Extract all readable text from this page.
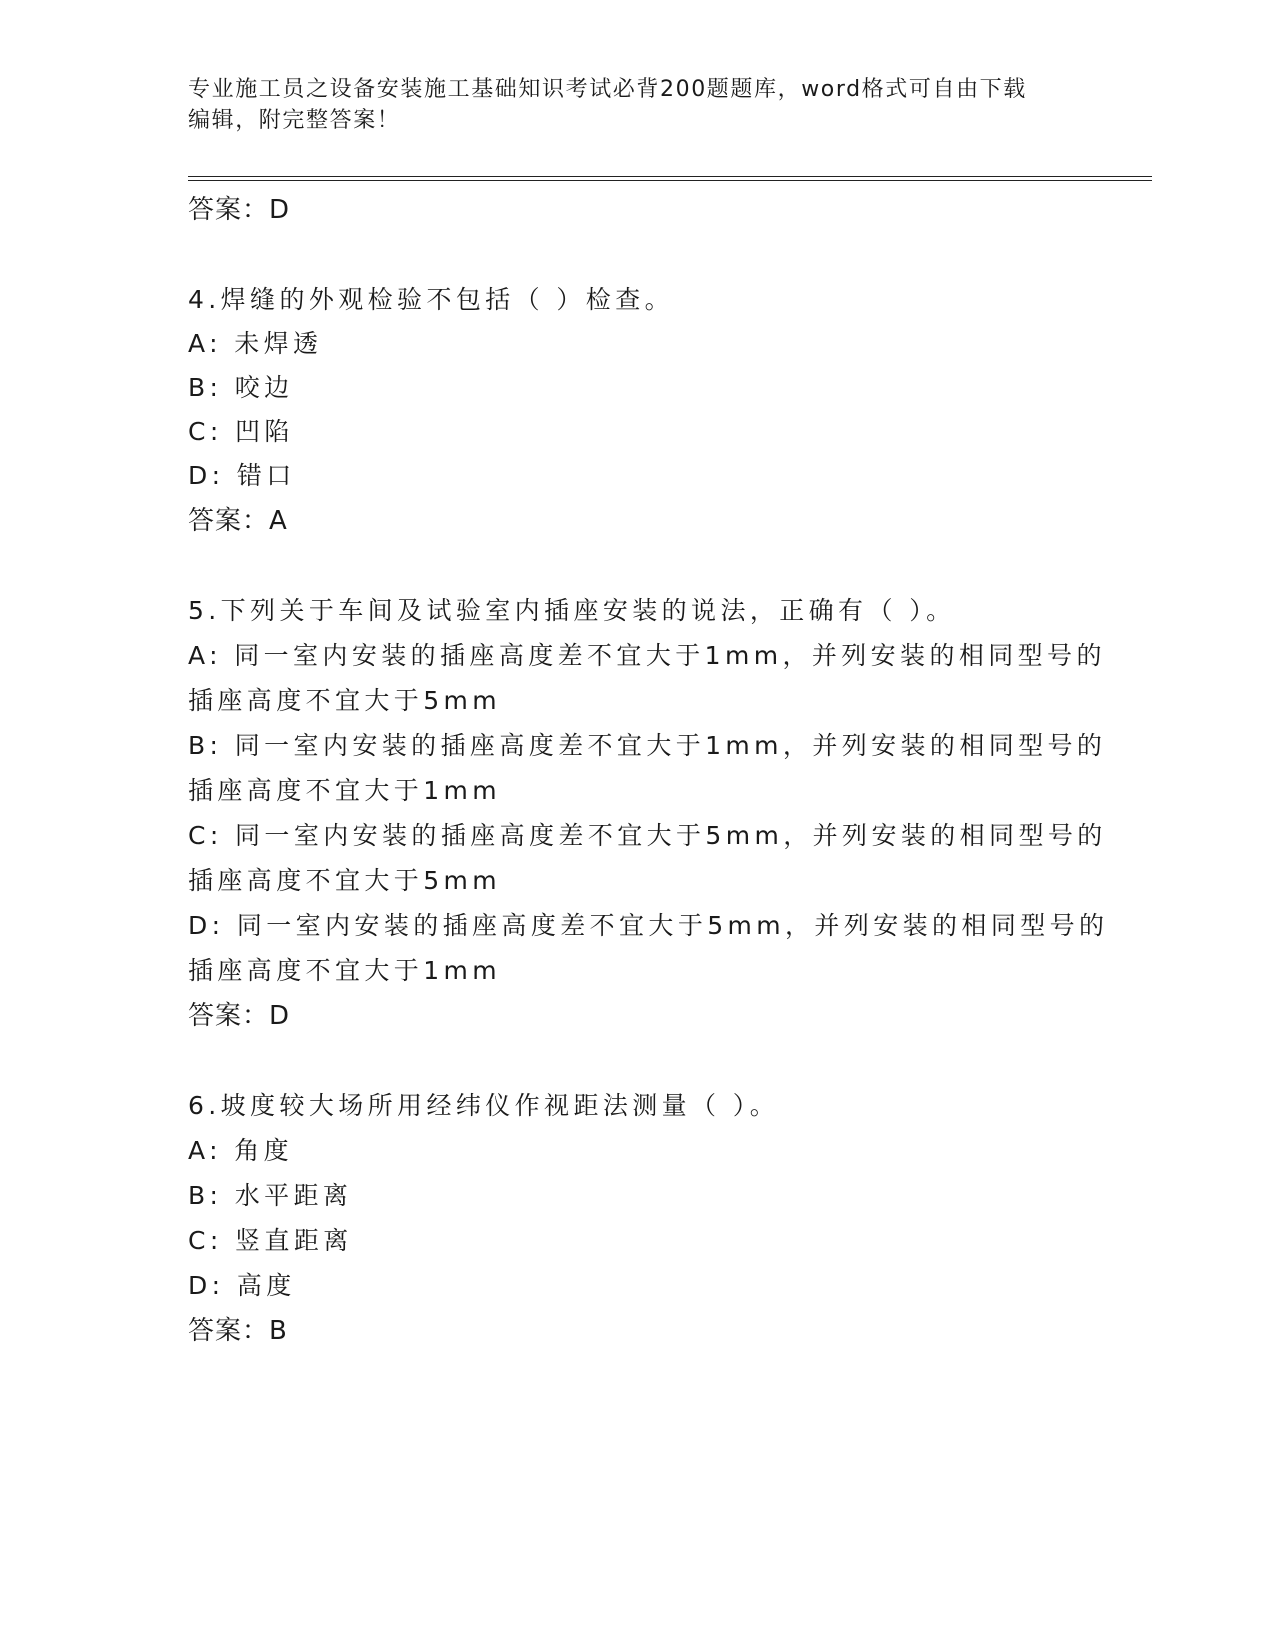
专业施工员之设备安装施工基础知识考试必背200题题库，word格式可自由下载
编辑，附完整答案！
答案：D
4.焊缝的外观检验不包括（ ）检查。
A: 未焊透
B: 咬边
C: 凹陷
D: 错口
答案：A
5.下列关于车间及试验室内插座安装的说法，正确有（ ）。
A: 同一室内安装的插座高度差不宜大于1mm，并列安装的相同型号的
插座高度不宜大于5mm
B: 同一室内安装的插座高度差不宜大于1mm，并列安装的相同型号的
插座高度不宜大于1mm
C: 同一室内安装的插座高度差不宜大于5mm，并列安装的相同型号的
插座高度不宜大于5mm
D: 同一室内安装的插座高度差不宜大于5mm，并列安装的相同型号的
插座高度不宜大于1mm
答案：D
6.坡度较大场所用经纬仪作视距法测量（ ）。
A: 角度
B: 水平距离
C: 竖直距离
D: 高度
答案：B
